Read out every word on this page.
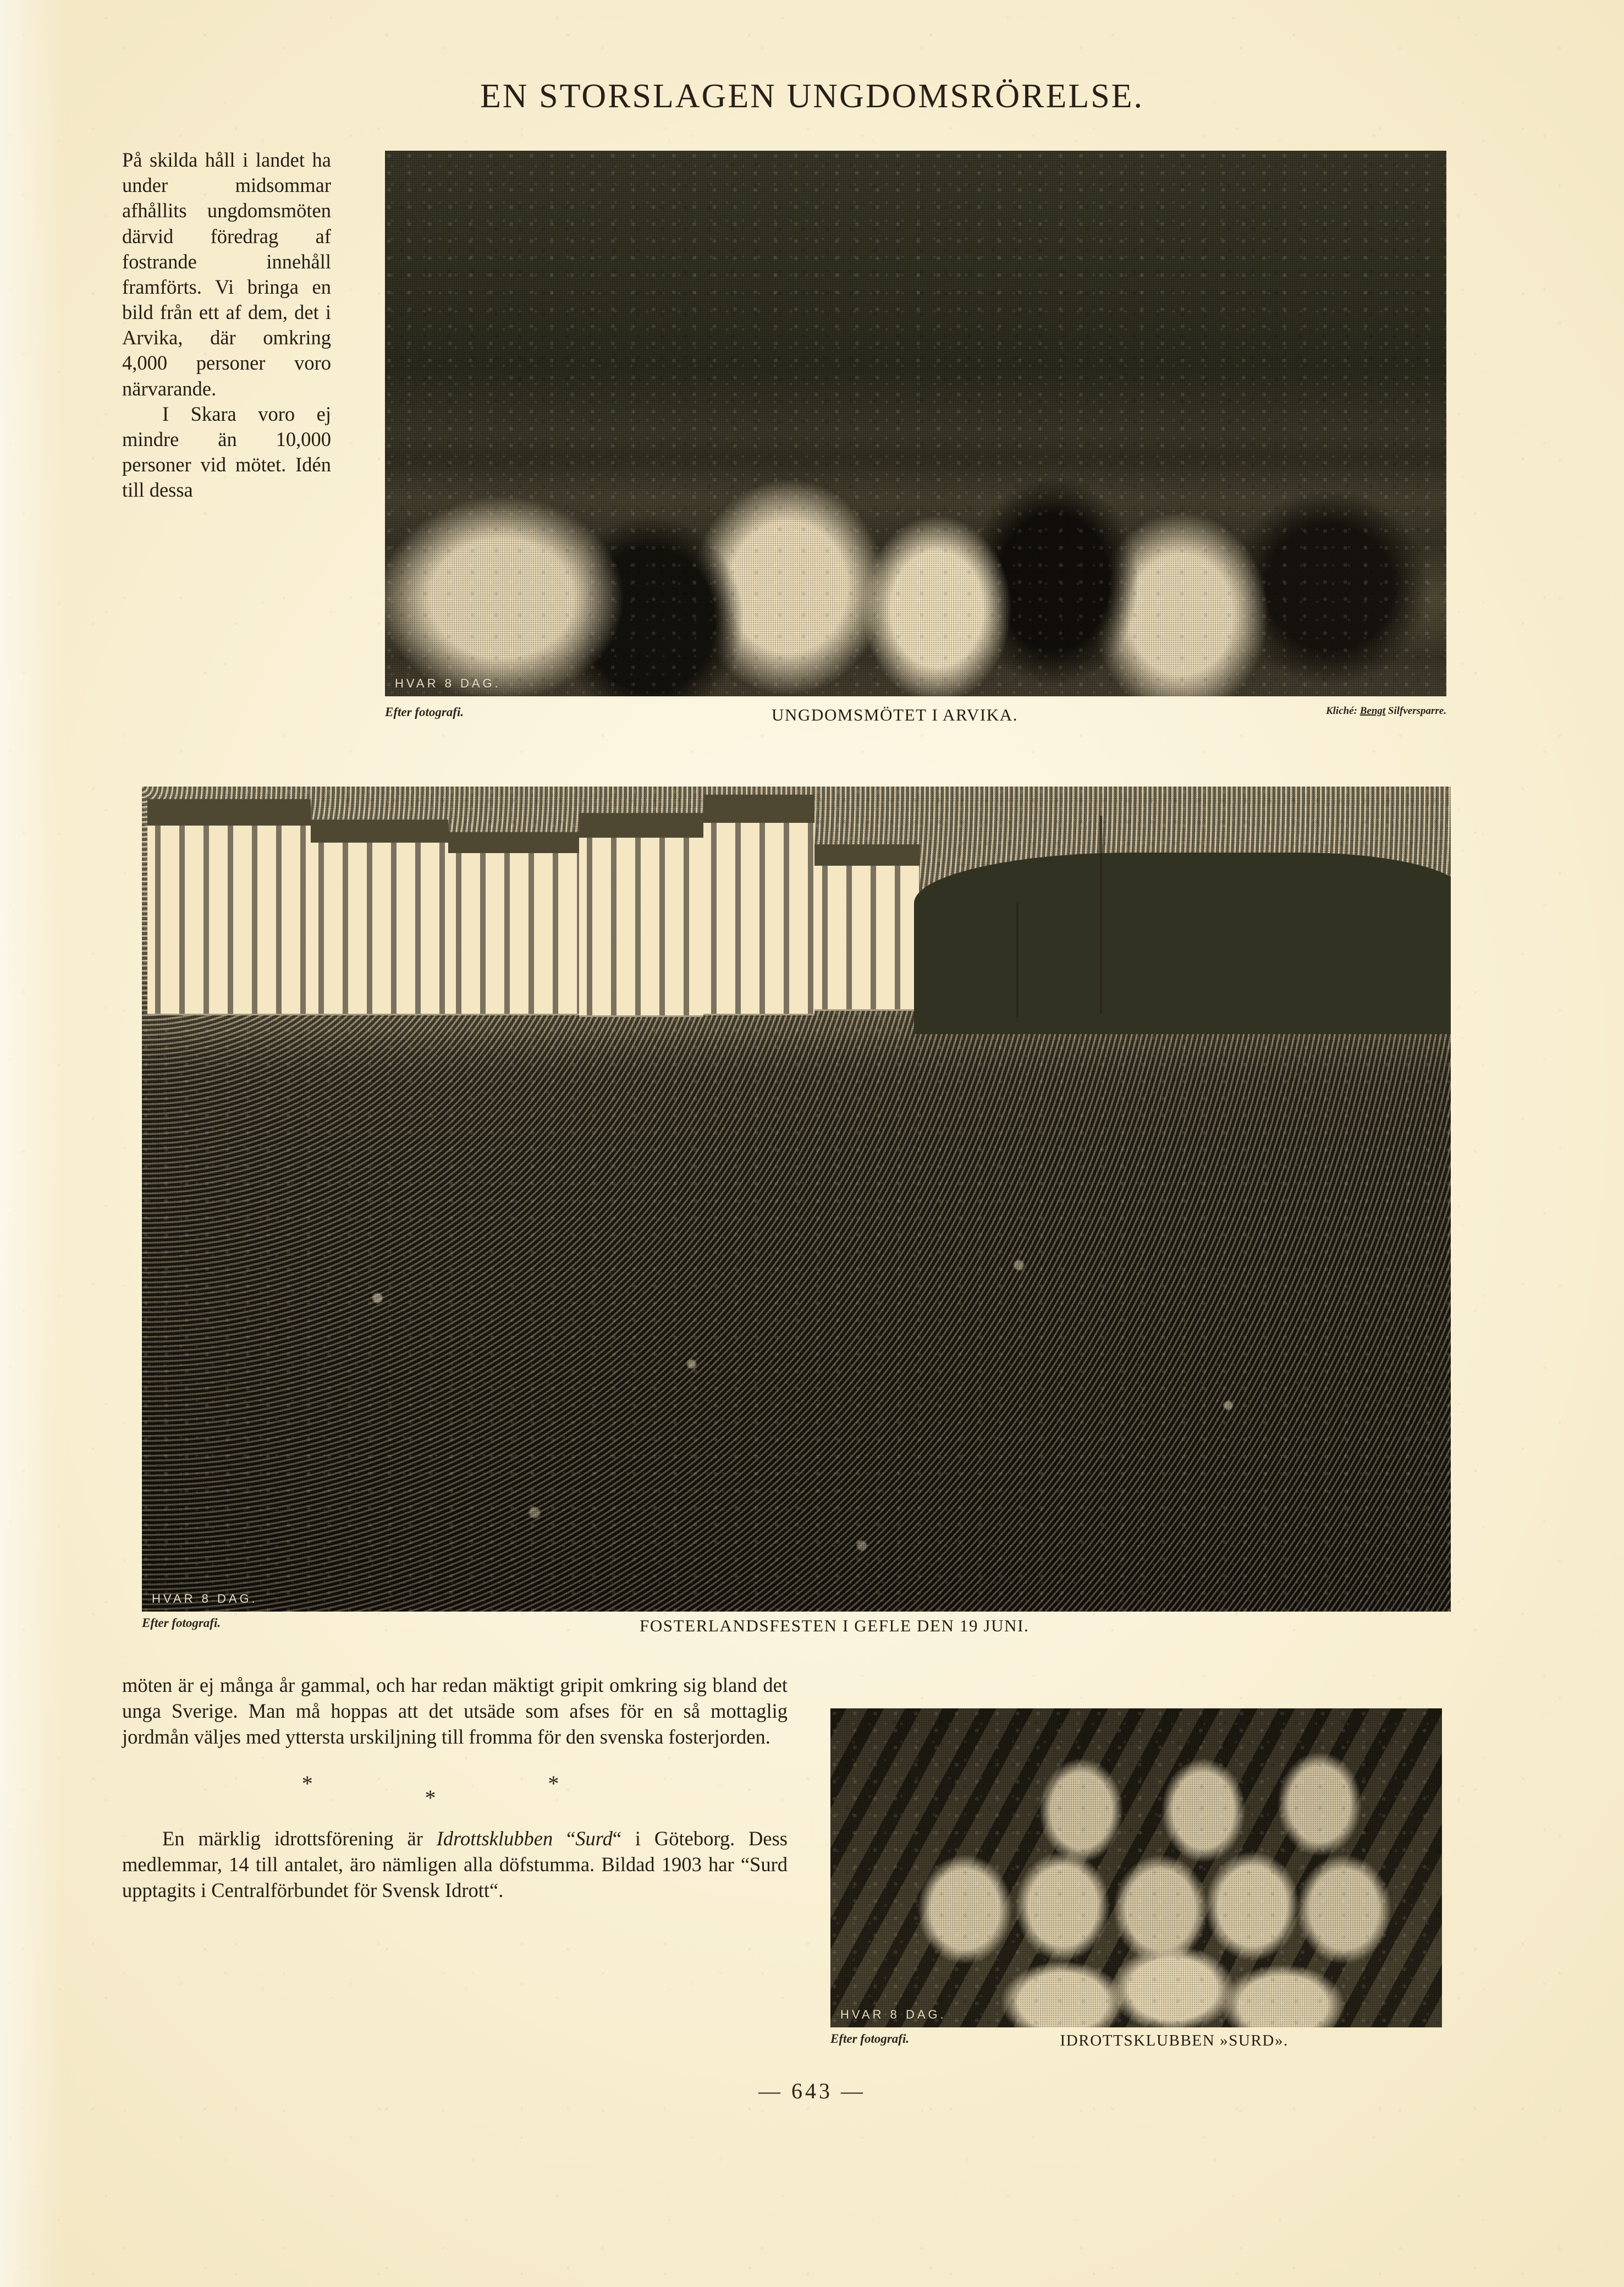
EN STORSLAGEN UNGDOMSRÖRELSE.

På skilda håll i landet ha under midsommar afhållits ungdomsmöten därvid föredrag af fostrande innehåll framförts. Vi bringa en bild från ett af dem, det i Arvika, där omkring 4,000 personer voro närvarande.

I Skara voro ej mindre än 10,000 personer vid mötet. Idén till dessa

HVAR 8 DAG.
Efter fotografi.	UNGDOMSMÖTET I ARVIKA.	Kliché: Bengt Silfversparre.
HVAR 8 DAG.
Efter fotografi.	FOSTERLANDSFESTEN I GEFLE DEN 19 JUNI.

möten är ej många år gammal, och har redan mäktigt gripit omkring sig bland det unga Sverige. Man må hoppas att det utsäde som afses för en så mottaglig jordmån väljes med yttersta urskiljning till fromma för den svenska fosterjorden.

*
*
*

En märklig idrottsförening är Idrottsklubben “Surd“ i Göteborg. Dess medlemmar, 14 till antalet, äro nämligen alla döfstumma. Bildad 1903 har “Surd upptagits i Centralförbundet för Svensk Idrott“.

HVAR 8 DAG.
Efter fotografi.	IDROTTSKLUBBEN »SURD».

— 643 —
